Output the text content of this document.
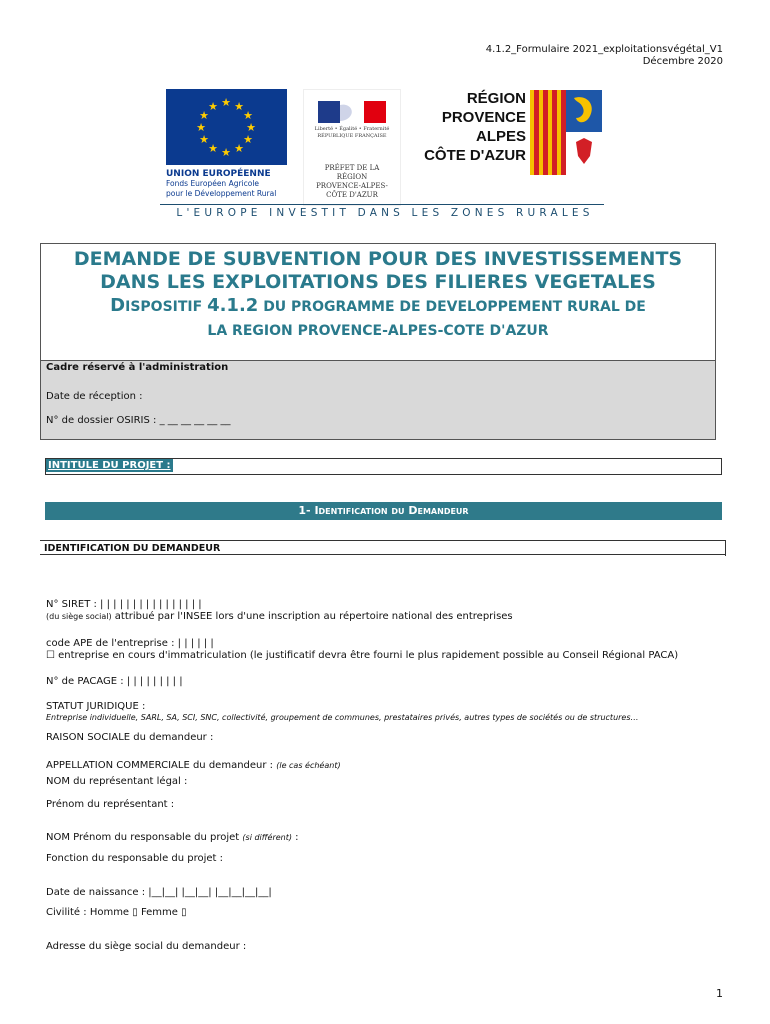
4.1.2_Formulaire 2021_exploitationsvégétal_V1
Décembre 2020
★ ★
★
★
★
★
★
★
★
★
★
★
UNION EUROPÉENNE
Fonds Européen Agricole
pour le Développement Rural
Liberté • Égalité • Fraternité
RÉPUBLIQUE FRANÇAISE
PRÉFET DE LA RÉGION
PROVENCE-ALPES-
CÔTE D'AZUR
RÉGION
PROVENCE
ALPES
CÔTE D'AZUR
L'EUROPE INVESTIT DANS LES ZONES RURALES
DEMANDE DE SUBVENTION POUR DES INVESTISSEMENTS
DANS LES EXPLOITATIONS DES FILIERES VEGETALES
DISPOSITIF 4.1.2 DU PROGRAMME DE DEVELOPPEMENT RURAL DE
LA REGION PROVENCE-ALPES-COTE D'AZUR
Cadre réservé à l'administration
Date de réception :
N° de dossier OSIRIS : _ __ __ __ __ __
INTITULE DU PROJET :
1- Identification du Demandeur
IDENTIFICATION DU DEMANDEUR
N° SIRET : | | | | | | | | | | | | | | | |
(du siège social) attribué par l'INSEE lors d'une inscription au répertoire national des entreprises
code APE de l'entreprise : | | | | | |
☐ entreprise en cours d'immatriculation (le justificatif devra être fourni le plus rapidement possible au Conseil Régional PACA)
N° de PACAGE : | | | | | | | | |
STATUT JURIDIQUE :
Entreprise individuelle, SARL, SA, SCI, SNC, collectivité, groupement de communes, prestataires privés, autres types de sociétés ou de structures…
RAISON SOCIALE du demandeur :
APPELLATION COMMERCIALE du demandeur : (le cas échéant)
NOM du représentant légal :
Prénom du représentant :
NOM Prénom du responsable du projet (si différent) :
Fonction du responsable du projet :
Date de naissance : |__|__| |__|__| |__|__|__|__|
Civilité : Homme ▯ Femme ▯
Adresse du siège social du demandeur :
1
